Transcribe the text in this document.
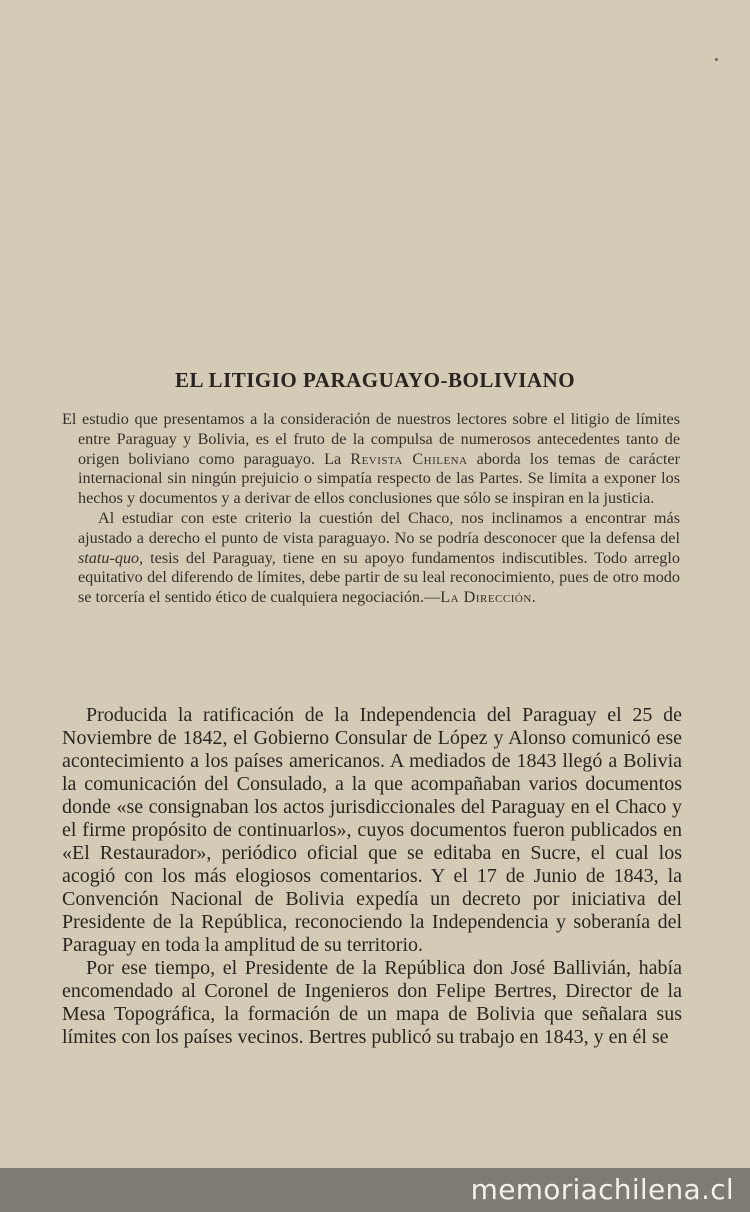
EL LITIGIO PARAGUAYO-BOLIVIANO

El estudio que presentamos a la consideración de nuestros lectores sobre el litigio de límites entre Paraguay y Bolivia, es el fruto de la compulsa de numerosos antecedentes tanto de origen boliviano como paraguayo. La Revista Chilena aborda los temas de carácter internacional sin ningún prejuicio o simpatía respecto de las Partes. Se limita a exponer los hechos y documentos y a derivar de ellos conclusiones que sólo se inspiran en la justicia.

Al estudiar con este criterio la cuestión del Chaco, nos inclinamos a encontrar más ajustado a derecho el punto de vista paraguayo. No se podría desconocer que la defensa del statu-quo, tesis del Paraguay, tiene en su apoyo fundamentos indiscutibles. Todo arreglo equitativo del diferendo de límites, debe partir de su leal reconocimiento, pues de otro modo se torcería el sentido ético de cualquiera negociación.—La Dirección.

Producida la ratificación de la Independencia del Paraguay el 25 de Noviembre de 1842, el Gobierno Consular de López y Alonso comunicó ese acontecimiento a los países americanos. A mediados de 1843 llegó a Bolivia la comunicación del Consulado, a la que acompañaban varios documentos donde «se consignaban los actos jurisdiccionales del Paraguay en el Chaco y el firme propósito de continuarlos», cuyos documentos fueron publicados en «El Restaurador», periódico oficial que se editaba en Sucre, el cual los acogió con los más elogiosos comentarios. Y el 17 de Junio de 1843, la Convención Nacional de Bolivia expedía un decreto por iniciativa del Presidente de la República, reconociendo la Independencia y soberanía del Paraguay en toda la amplitud de su territorio.

Por ese tiempo, el Presidente de la República don José Ballivián, había encomendado al Coronel de Ingenieros don Felipe Bertres, Director de la Mesa Topográfica, la formación de un mapa de Bolivia que señalara sus límites con los países vecinos. Bertres publicó su trabajo en 1843, y en él se

memoriachilena.cl
